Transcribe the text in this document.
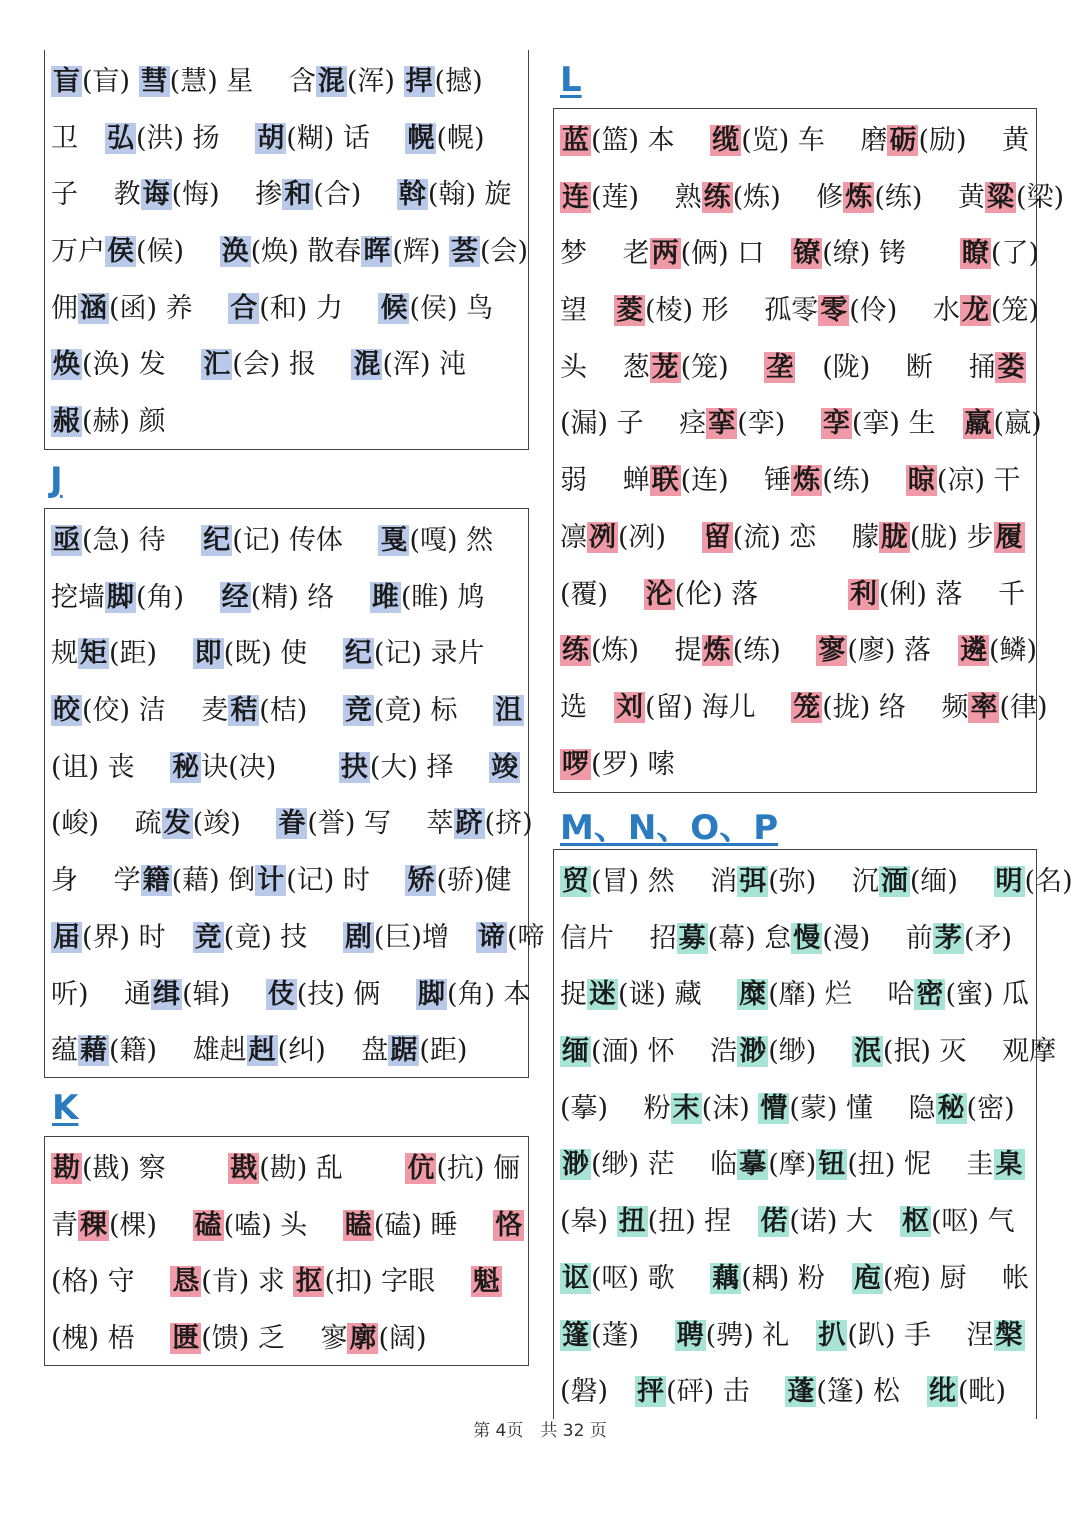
盲(盲) 彗(慧) 星　 含混(浑) 捍(撼)
卫　弘(洪) 扬　 胡(糊) 话　 幌(幌)
子　 教诲(悔)　 掺和(合)　 斡(翰) 旋
万户侯(候)　 涣(焕) 散春晖(辉) 荟(会)
佣涵(函) 养　 合(和) 力　 候(侯) 鸟
焕(涣) 发　 汇(会) 报　 混(浑) 沌
赧(赫) 颜
J
亟(急) 待　 纪(记) 传体　 戛(嘎) 然
挖墙脚(角)　 经(精) 络　 雎(睢) 鸠
规矩(距)　 即(既) 使　 纪(记) 录片
皎(佼) 洁　 麦秸(桔)　 竞(竟) 标　 沮
(诅) 丧　 秘诀(决)　　 抉(大) 择　 竣
(峻)　 疏发(竣)　 眷(誉) 写　 萃跻(挤)
身　 学籍(藉) 倒计(记) 时　 矫(骄)健
届(界) 时　竞(竟) 技　 剧(巨)增　谛(啼
听)　 通缉(辑)　 伎(技) 俩　 脚(角) 本
蕴藉(籍)　 雄赳赳(纠)　 盘踞(距)
K
勘(戡) 察　　 戡(勘) 乱　　 伉(抗) 俪
青稞(棵)　 磕(嗑) 头　 瞌(磕) 睡　 恪
(格) 守　 恳(肯) 求 抠(扣) 字眼　 魁
(槐) 梧　 匮(馈) 乏　 寥廓(阔)
L
蓝(篮) 本　 缆(览) 车　 磨砺(励)　 黄
连(莲)　 熟练(炼)　 修炼(练)　 黄粱(梁)
梦　 老两(俩) 口　镣(缭) 铐　　瞭(了)
望　菱(棱) 形　 孤零零(伶)　 水龙(笼)
头　 葱茏(笼)　 垄　(陇)　 断　 捅娄
(漏) 子　 痉挛(孪)　 孪(挛) 生　羸(嬴)
弱　 蝉联(连)　 锤炼(练)　 晾(凉) 干
凛冽(冽)　 留(流) 恋　 朦胧(胧) 步履
(覆)　 沦(伦) 落　　　 利(俐) 落　 千
练(炼)　 提炼(练)　 寥(廖) 落　遴(鳞)
选　刘(留) 海儿　 笼(拢) 络　 频率(律)
啰(罗) 嗦
M、N、O、P
贸(冒) 然　 消弭(弥)　 沉湎(缅)　 明(名)
信片　 招募(幕) 怠慢(漫)　 前茅(矛)
捉迷(谜) 藏　 糜(靡) 烂　 哈密(蜜) 瓜
缅(湎) 怀　 浩渺(缈)　 泯(抿) 灭　 观摩
(摹)　 粉末(沫) 懵(蒙) 懂　 隐秘(密)
渺(缈) 茫　 临摹(摩)钮(扭) 怩　 圭臬
(皋) 扭(扭) 捏　偌(诺) 大　枢(呕) 气
讴(呕) 歌　 藕(耦) 粉　庖(疱) 厨　 帐
篷(蓬)　 聘(骋) 礼　扒(趴) 手　 涅槃
(磐)　抨(砰) 击　 蓬(篷) 松　纰(毗)
第 4页　共 32 页
